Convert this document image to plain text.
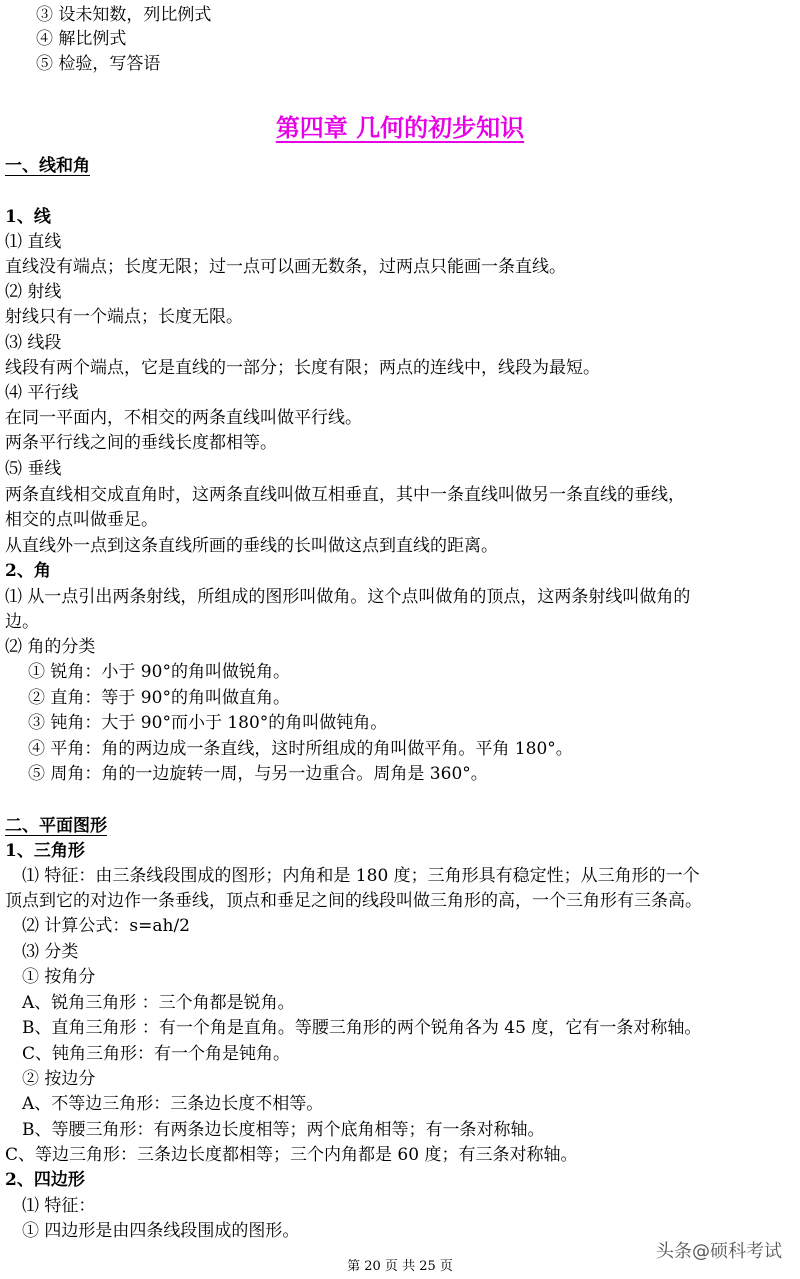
③ 设未知数，列比例式
④ 解比例式
⑤ 检验，写答语
第四章 几何的初步知识
一、线和角
1、线
⑴ 直线
直线没有端点；长度无限；过一点可以画无数条，过两点只能画一条直线。
⑵ 射线
射线只有一个端点；长度无限。
⑶ 线段
线段有两个端点，它是直线的一部分；长度有限；两点的连线中，线段为最短。
⑷ 平行线
在同一平面内，不相交的两条直线叫做平行线。
两条平行线之间的垂线长度都相等。
⑸ 垂线
两条直线相交成直角时，这两条直线叫做互相垂直，其中一条直线叫做另一条直线的垂线，
相交的点叫做垂足。
从直线外一点到这条直线所画的垂线的长叫做这点到直线的距离。
2、角
⑴ 从一点引出两条射线，所组成的图形叫做角。这个点叫做角的顶点，这两条射线叫做角的
边。
⑵ 角的分类
① 锐角：小于 90°的角叫做锐角。
② 直角：等于 90°的角叫做直角。
③ 钝角：大于 90°而小于 180°的角叫做钝角。
④ 平角：角的两边成一条直线，这时所组成的角叫做平角。平角 180°。
⑤ 周角：角的一边旋转一周，与另一边重合。周角是 360°。
二、平面图形
1、三角形
⑴ 特征：由三条线段围成的图形；内角和是 180 度；三角形具有稳定性；从三角形的一个
顶点到它的对边作一条垂线，顶点和垂足之间的线段叫做三角形的高，一个三角形有三条高。
⑵ 计算公式：s=ah/2
⑶ 分类
① 按角分
A、锐角三角形 ：三个角都是锐角。
B、直角三角形 ：有一个角是直角。等腰三角形的两个锐角各为 45 度，它有一条对称轴。
C、钝角三角形：有一个角是钝角。
② 按边分
A、不等边三角形：三条边长度不相等。
B、等腰三角形：有两条边长度相等；两个底角相等；有一条对称轴。
C、等边三角形：三条边长度都相等；三个内角都是 60 度；有三条对称轴。
2、四边形
⑴ 特征：
① 四边形是由四条线段围成的图形。
头条@硕科考试
第 20 页 共 25 页
